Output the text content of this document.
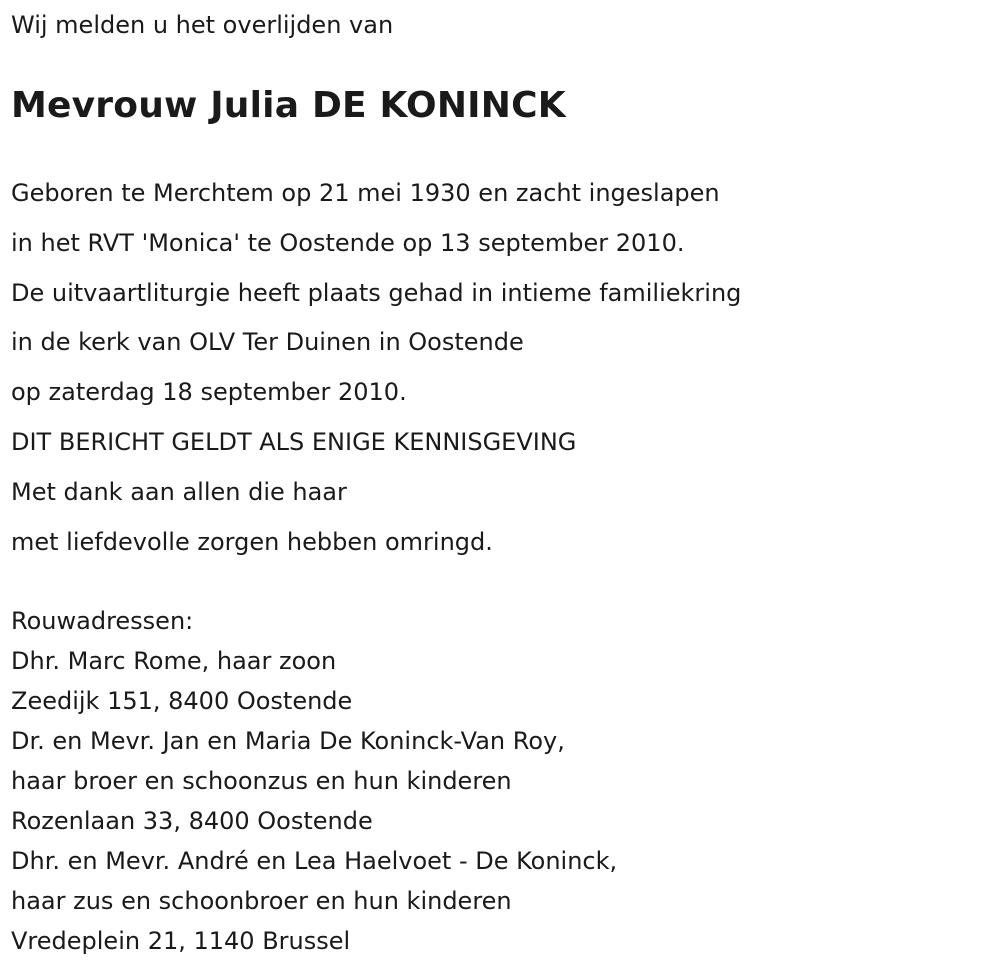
Wij melden u het overlijden van
Mevrouw Julia DE KONINCK
Geboren te Merchtem op 21 mei 1930 en zacht ingeslapen
in het RVT 'Monica' te Oostende op 13 september 2010.
De uitvaartliturgie heeft plaats gehad in intieme familiekring
in de kerk van OLV Ter Duinen in Oostende
op zaterdag 18 september 2010.
DIT BERICHT GELDT ALS ENIGE KENNISGEVING
Met dank aan allen die haar
met liefdevolle zorgen hebben omringd.
Rouwadressen:
Dhr. Marc Rome, haar zoon
Zeedijk 151, 8400 Oostende
Dr. en Mevr. Jan en Maria De Koninck-Van Roy,
haar broer en schoonzus en hun kinderen
Rozenlaan 33, 8400 Oostende
Dhr. en Mevr. André en Lea Haelvoet - De Koninck,
haar zus en schoonbroer en hun kinderen
Vredeplein 21, 1140 Brussel
